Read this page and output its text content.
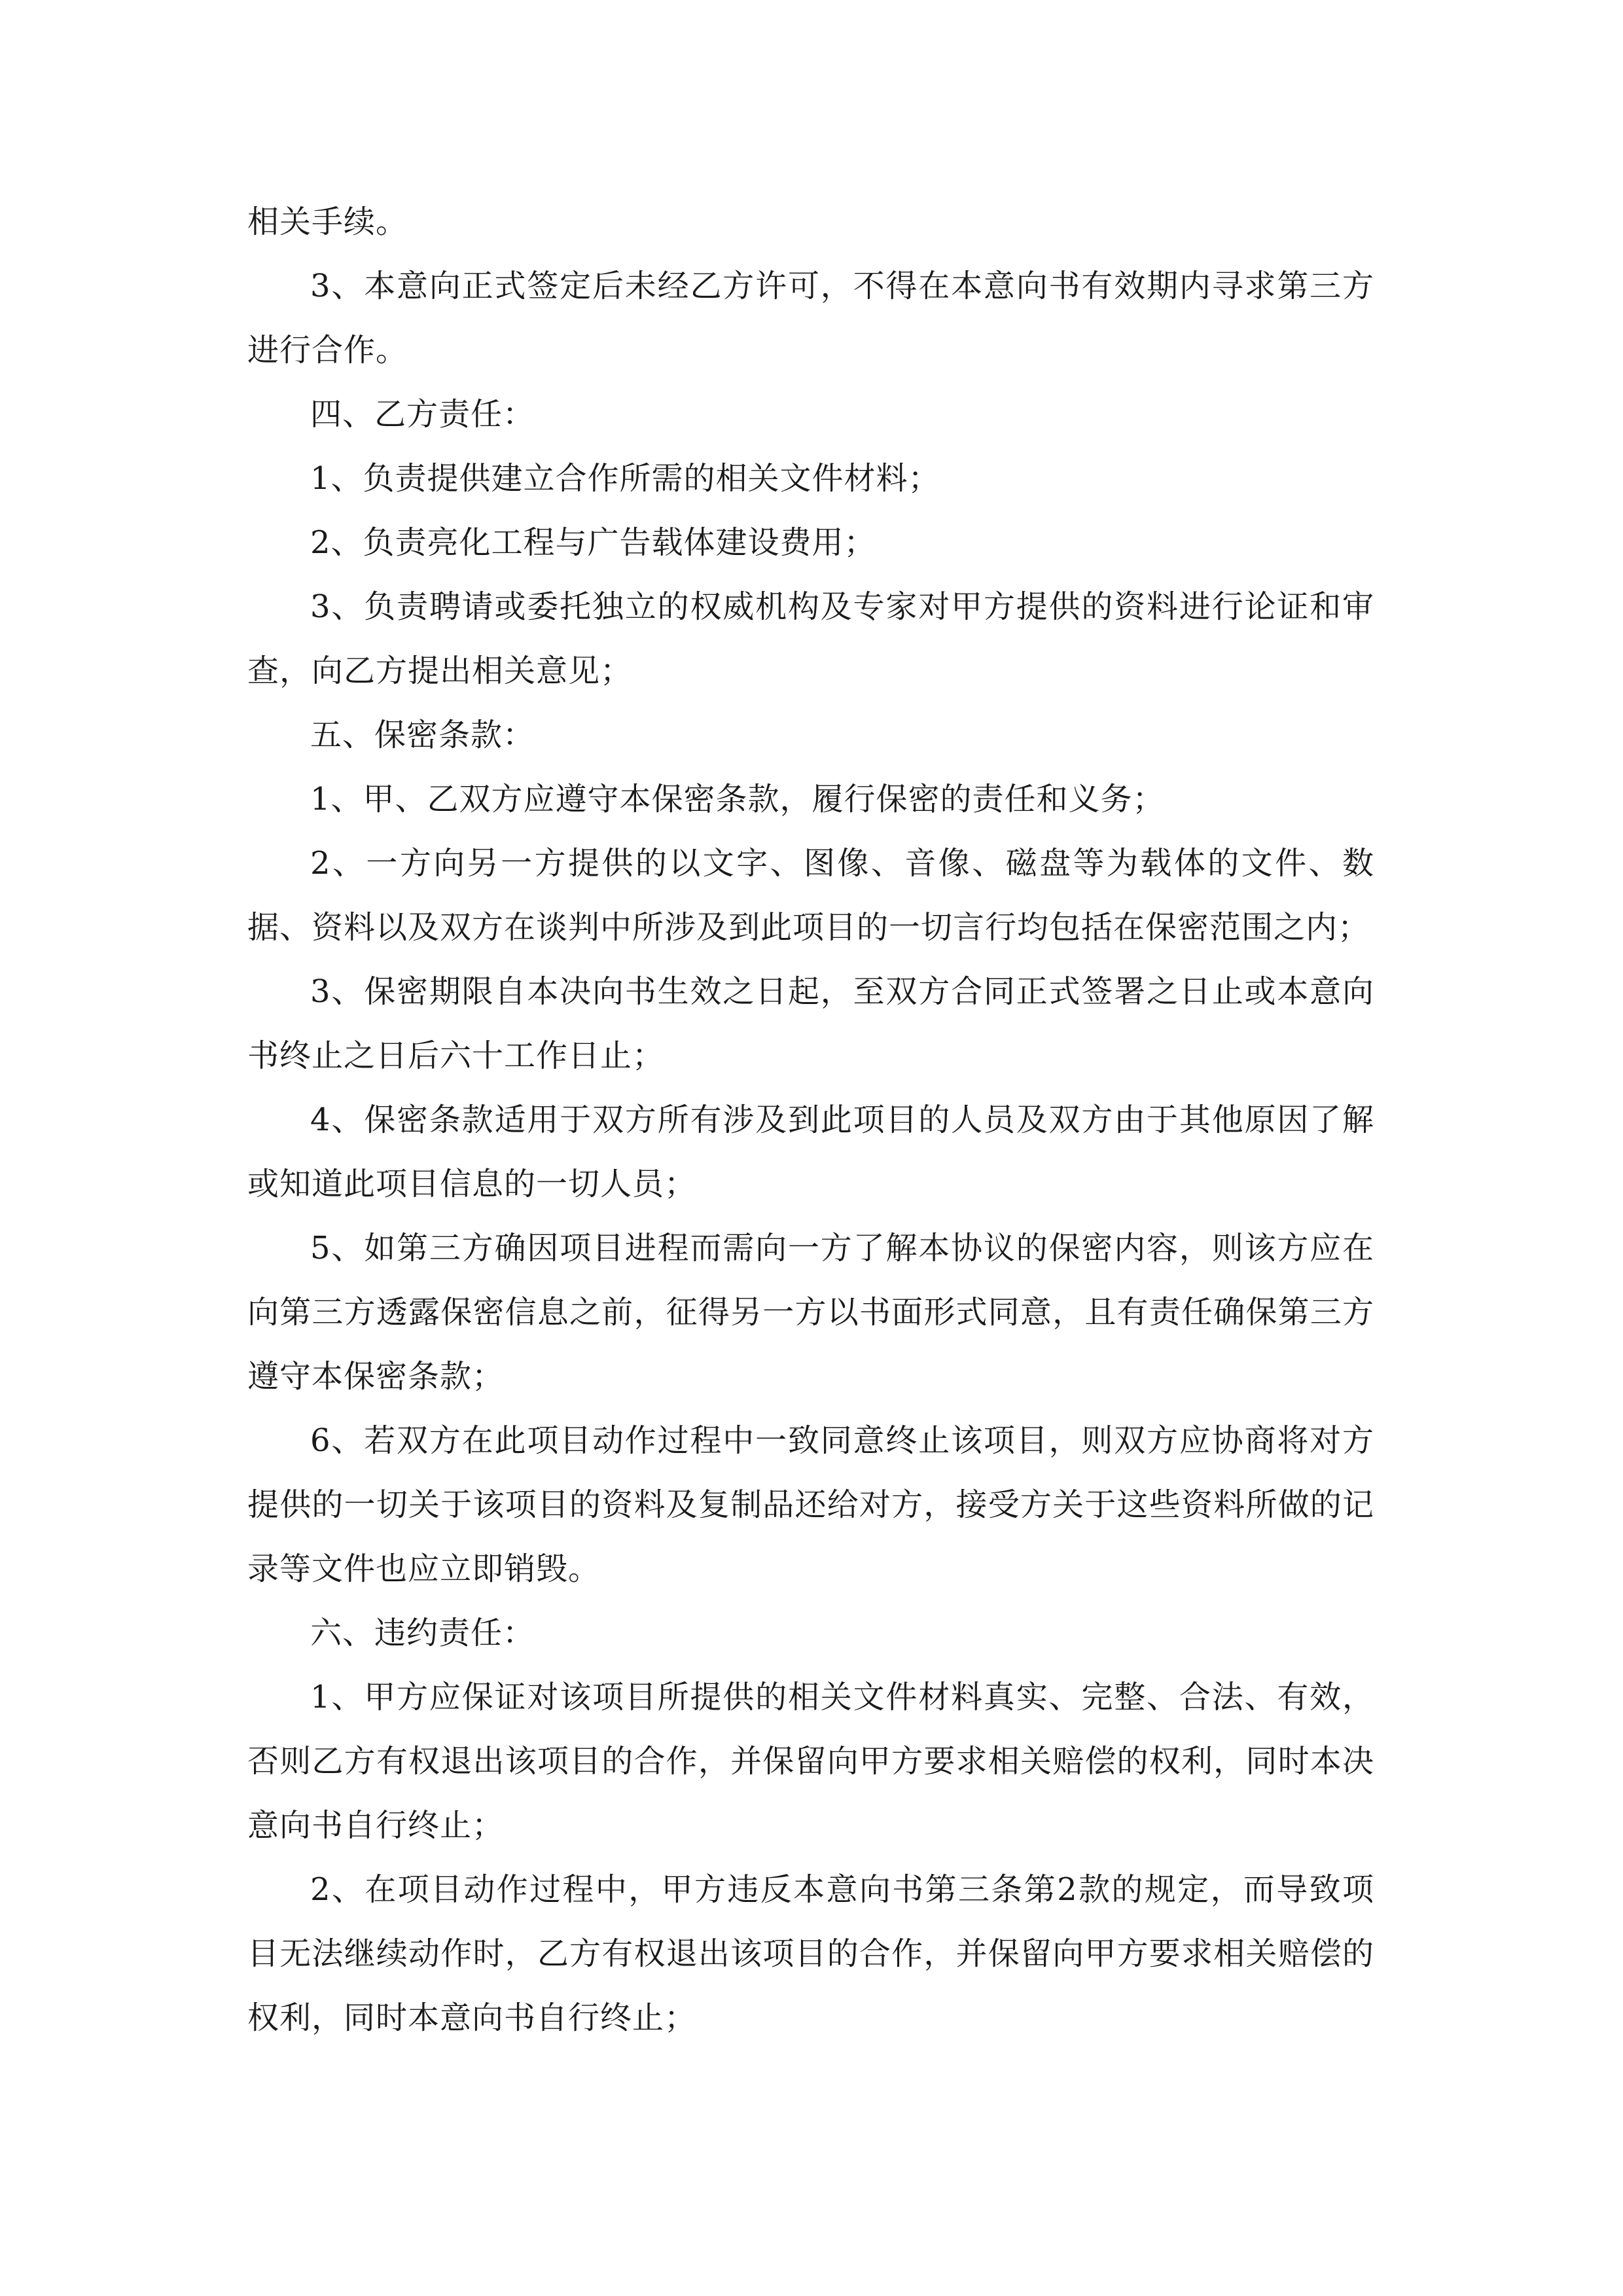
相关手续。

3、本意向正式签定后未经乙方许可，不得在本意向书有效期内寻求第三方进行合作。

四、乙方责任：

1、负责提供建立合作所需的相关文件材料；

2、负责亮化工程与广告载体建设费用；

3、负责聘请或委托独立的权威机构及专家对甲方提供的资料进行论证和审查，向乙方提出相关意见；

五、保密条款：

1、甲、乙双方应遵守本保密条款，履行保密的责任和义务；

2、一方向另一方提供的以文字、图像、音像、磁盘等为载体的文件、数据、资料以及双方在谈判中所涉及到此项目的一切言行均包括在保密范围之内；

3、保密期限自本决向书生效之日起，至双方合同正式签署之日止或本意向书终止之日后六十工作日止；

4、保密条款适用于双方所有涉及到此项目的人员及双方由于其他原因了解或知道此项目信息的一切人员；

5、如第三方确因项目进程而需向一方了解本协议的保密内容，则该方应在向第三方透露保密信息之前，征得另一方以书面形式同意，且有责任确保第三方遵守本保密条款；

6、若双方在此项目动作过程中一致同意终止该项目，则双方应协商将对方提供的一切关于该项目的资料及复制品还给对方，接受方关于这些资料所做的记录等文件也应立即销毁。

六、违约责任：

1、甲方应保证对该项目所提供的相关文件材料真实、完整、合法、有效，否则乙方有权退出该项目的合作，并保留向甲方要求相关赔偿的权利，同时本决意向书自行终止；

2、在项目动作过程中，甲方违反本意向书第三条第2款的规定，而导致项目无法继续动作时，乙方有权退出该项目的合作，并保留向甲方要求相关赔偿的权利，同时本意向书自行终止；
